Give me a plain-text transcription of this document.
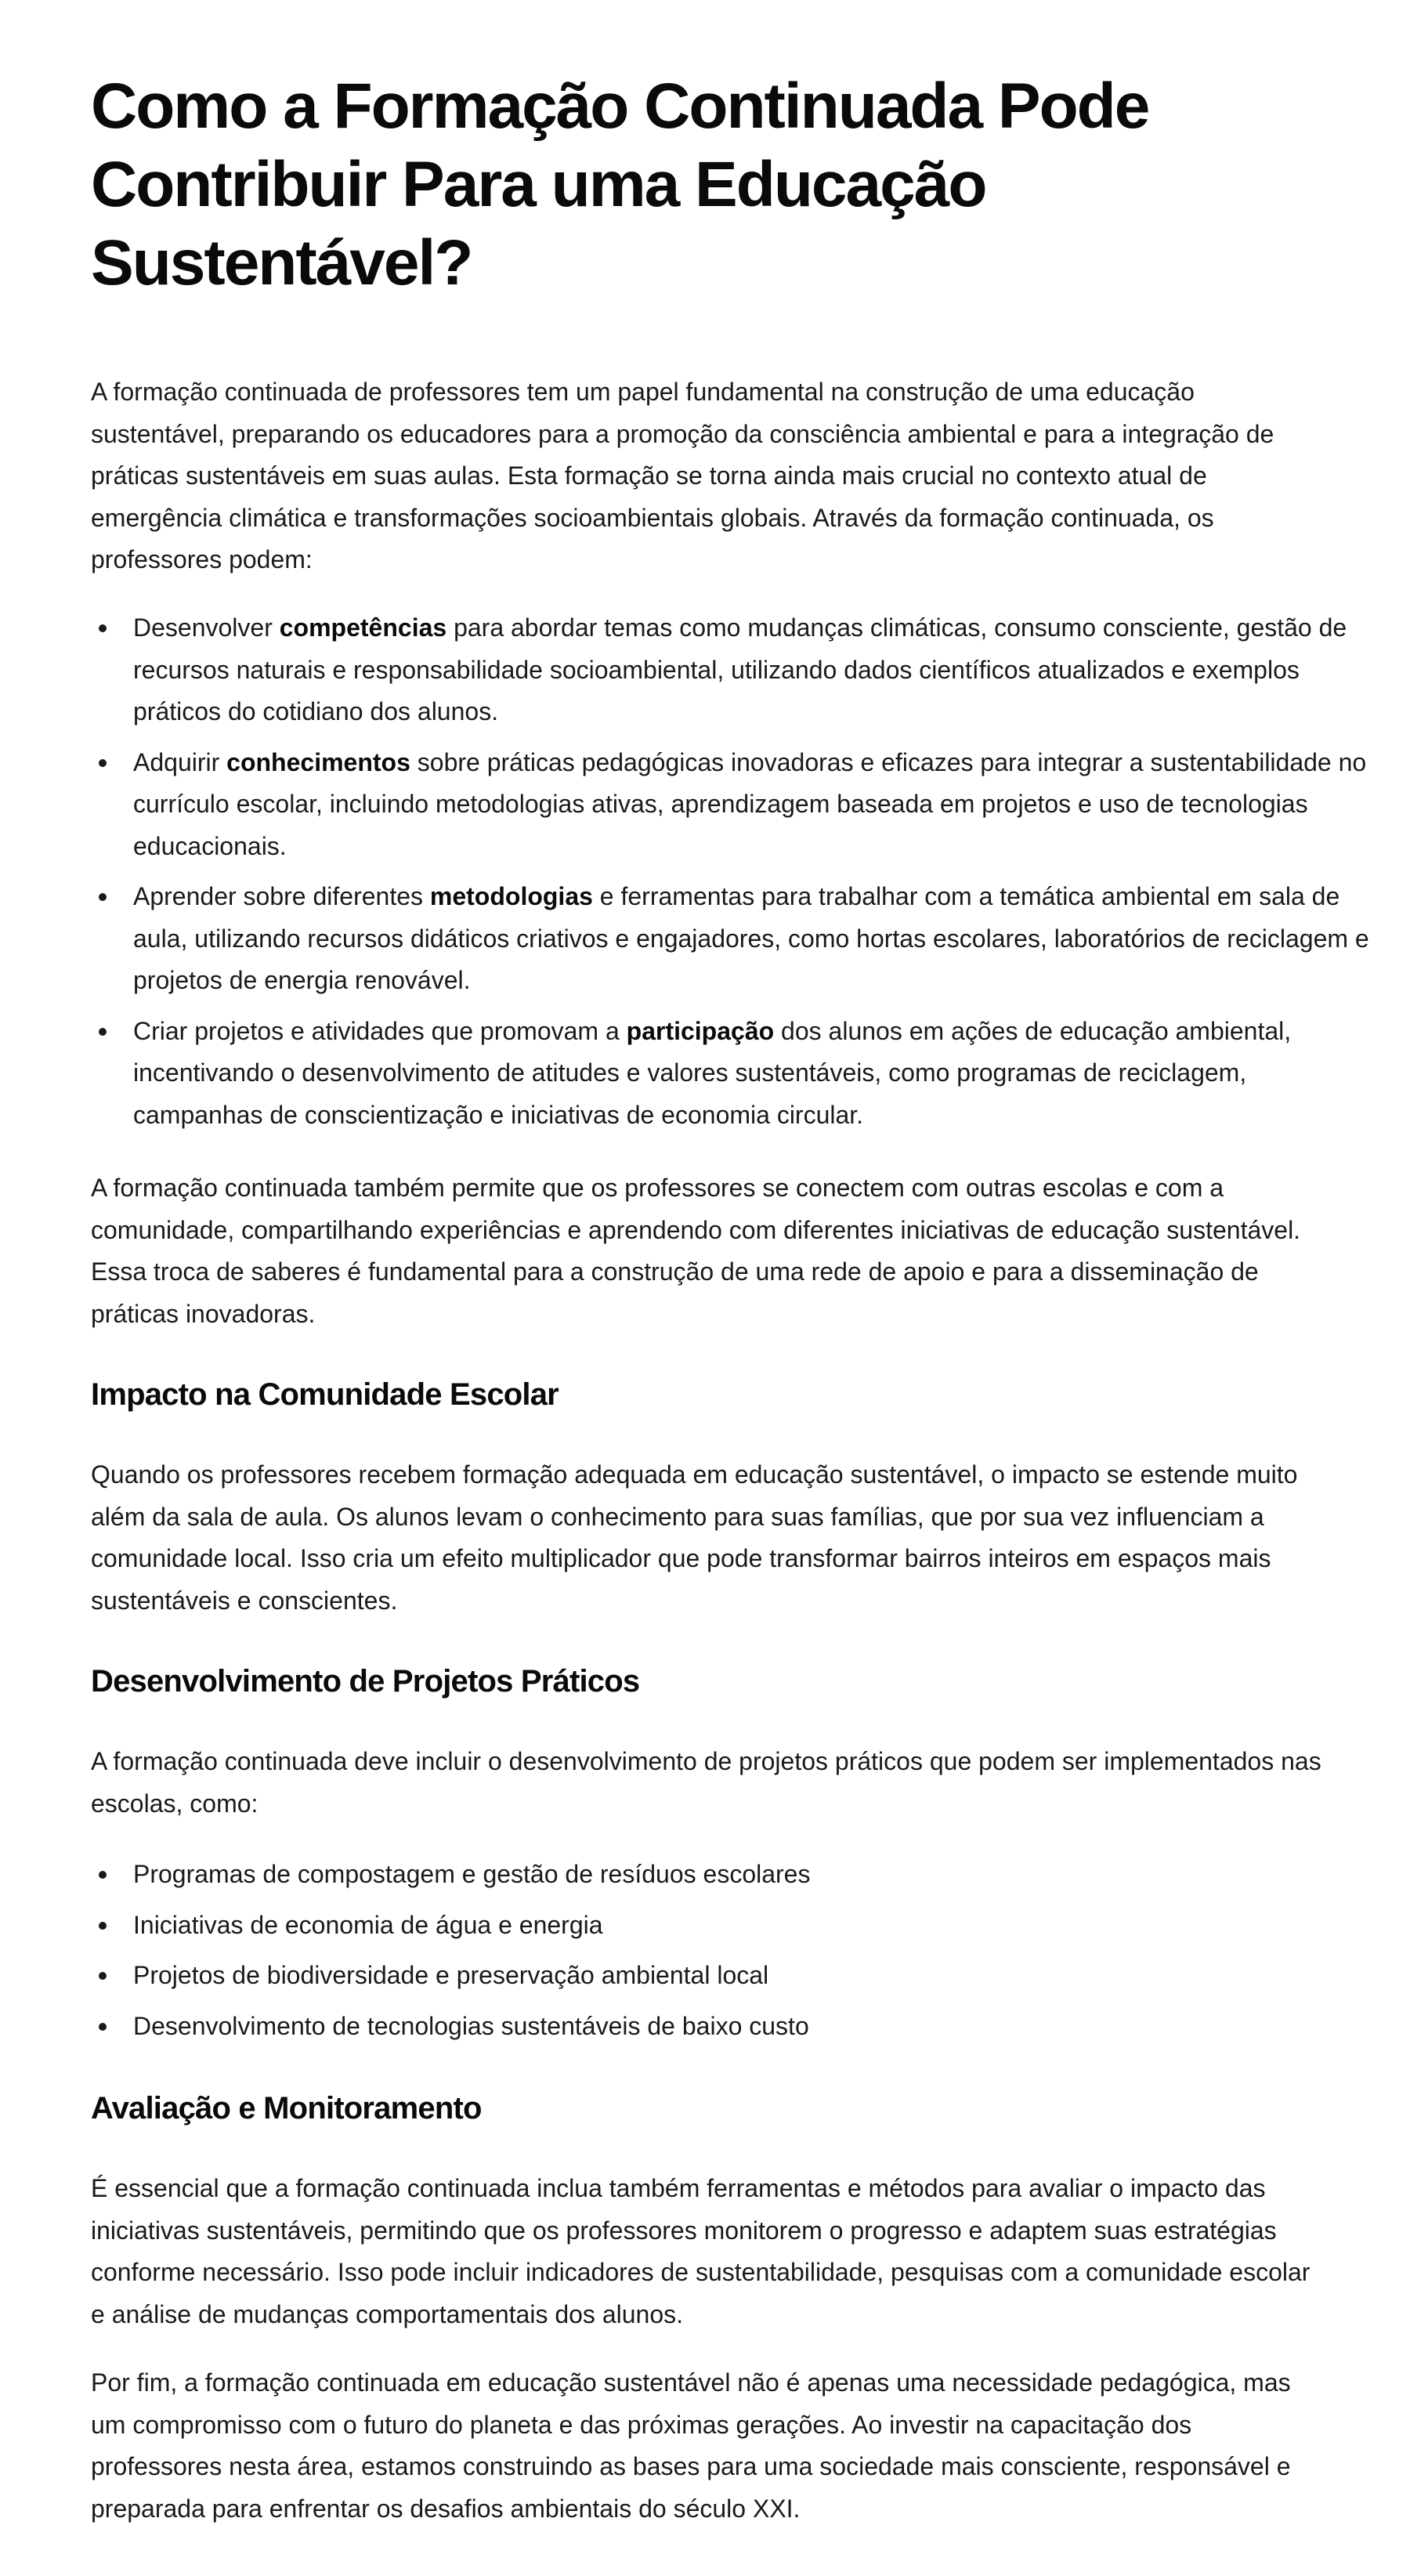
Como a Formação Continuada Pode Contribuir Para uma Educação Sustentável?

A formação continuada de professores tem um papel fundamental na construção de uma educação sustentável, preparando os educadores para a promoção da consciência ambiental e para a integração de práticas sustentáveis em suas aulas. Esta formação se torna ainda mais crucial no contexto atual de emergência climática e transformações socioambientais globais. Através da formação continuada, os professores podem:

Desenvolver competências para abordar temas como mudanças climáticas, consumo consciente, gestão de recursos naturais e responsabilidade socioambiental, utilizando dados científicos atualizados e exemplos práticos do cotidiano dos alunos.
Adquirir conhecimentos sobre práticas pedagógicas inovadoras e eficazes para integrar a sustentabilidade no currículo escolar, incluindo metodologias ativas, aprendizagem baseada em projetos e uso de tecnologias educacionais.
Aprender sobre diferentes metodologias e ferramentas para trabalhar com a temática ambiental em sala de aula, utilizando recursos didáticos criativos e engajadores, como hortas escolares, laboratórios de reciclagem e projetos de energia renovável.
Criar projetos e atividades que promovam a participação dos alunos em ações de educação ambiental, incentivando o desenvolvimento de atitudes e valores sustentáveis, como programas de reciclagem, campanhas de conscientização e iniciativas de economia circular.

A formação continuada também permite que os professores se conectem com outras escolas e com a comunidade, compartilhando experiências e aprendendo com diferentes iniciativas de educação sustentável. Essa troca de saberes é fundamental para a construção de uma rede de apoio e para a disseminação de práticas inovadoras.

Impacto na Comunidade Escolar

Quando os professores recebem formação adequada em educação sustentável, o impacto se estende muito além da sala de aula. Os alunos levam o conhecimento para suas famílias, que por sua vez influenciam a comunidade local. Isso cria um efeito multiplicador que pode transformar bairros inteiros em espaços mais sustentáveis e conscientes.

Desenvolvimento de Projetos Práticos

A formação continuada deve incluir o desenvolvimento de projetos práticos que podem ser implementados nas escolas, como:

Programas de compostagem e gestão de resíduos escolares
Iniciativas de economia de água e energia
Projetos de biodiversidade e preservação ambiental local
Desenvolvimento de tecnologias sustentáveis de baixo custo
Avaliação e Monitoramento

É essencial que a formação continuada inclua também ferramentas e métodos para avaliar o impacto das iniciativas sustentáveis, permitindo que os professores monitorem o progresso e adaptem suas estratégias conforme necessário. Isso pode incluir indicadores de sustentabilidade, pesquisas com a comunidade escolar e análise de mudanças comportamentais dos alunos.

Por fim, a formação continuada em educação sustentável não é apenas uma necessidade pedagógica, mas um compromisso com o futuro do planeta e das próximas gerações. Ao investir na capacitação dos professores nesta área, estamos construindo as bases para uma sociedade mais consciente, responsável e preparada para enfrentar os desafios ambientais do século XXI.
